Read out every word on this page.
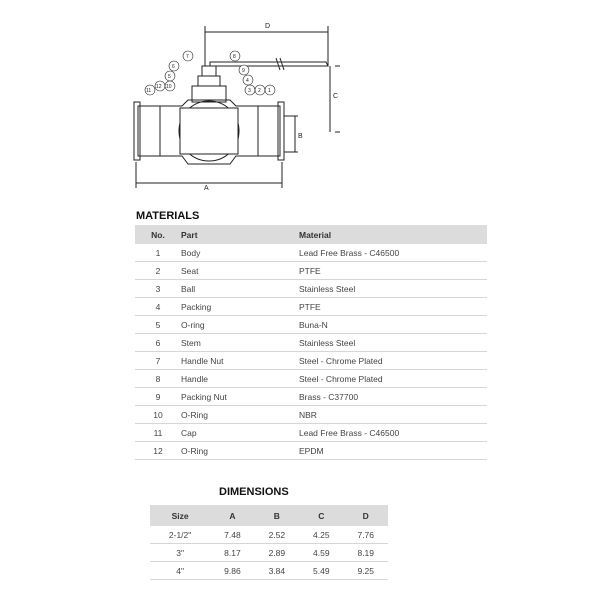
D
C
B
A
7	8
6
5
9
4
3
11
12 10
2 1
MATERIALS
No.	Part	Material
1	Body	Lead Free Brass - C46500
2	Seat	PTFE
3	Ball	Stainless Steel
4	Packing	PTFE
5	O-ring	Buna-N
6	Stem	Stainless Steel
7	Handle Nut	Steel - Chrome Plated
8	Handle	Steel - Chrome Plated
9	Packing Nut	Brass - C37700
10	O-Ring	NBR
11	Cap	Lead Free Brass - C46500
12	O-Ring	EPDM
DIMENSIONS
Size	A	B	C	D
2-1/2"	7.48	2.52	4.25	7.76
3"	8.17	2.89	4.59	8.19
4"	9.86	3.84	5.49	9.25
